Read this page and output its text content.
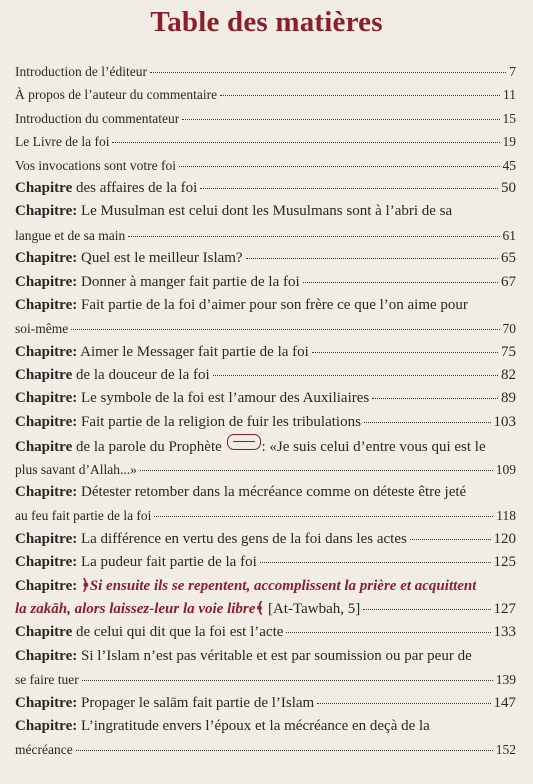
Table des matières
Introduction de l’éditeur	7
À propos de l’auteur du commentaire	11
Introduction du commentateur	15
Le Livre de la foi	19
Vos invocations sont votre foi	45
Chapitre des affaires de la foi	50
Chapitre: Le Musulman est celui dont les Musulmans sont à l’abri de sa
langue et de sa main	61
Chapitre: Quel est le meilleur Islam?	65
Chapitre: Donner à manger fait partie de la foi	67
Chapitre: Fait partie de la foi d’aimer pour son frère ce que l’on aime pour
soi-même	70
Chapitre: Aimer le Messager fait partie de la foi	75
Chapitre de la douceur de la foi	82
Chapitre: Le symbole de la foi est l’amour des Auxiliaires	89
Chapitre: Fait partie de la religion de fuir les tribulations	103
Chapitre de la parole du Prophète : «Je suis celui d’entre vous qui est le
plus savant d’Allah...»	109
Chapitre: Détester retomber dans la mécréance comme on déteste être jeté
au feu fait partie de la foi	118
Chapitre: La différence en vertu des gens de la foi dans les actes	120
Chapitre: La pudeur fait partie de la foi	125
Chapitre: ﴿Si ensuite ils se repentent, accomplissent la prière et acquittent
la zakāh, alors laissez-leur la voie libre﴾ [At-Tawbah, 5]	127
Chapitre de celui qui dit que la foi est l’acte	133
Chapitre: Si l’Islam n’est pas véritable et est par soumission ou par peur de
se faire tuer	139
Chapitre: Propager le salām fait partie de l’Islam	147
Chapitre: L’ingratitude envers l’époux et la mécréance en deçà de la
mécréance	152
